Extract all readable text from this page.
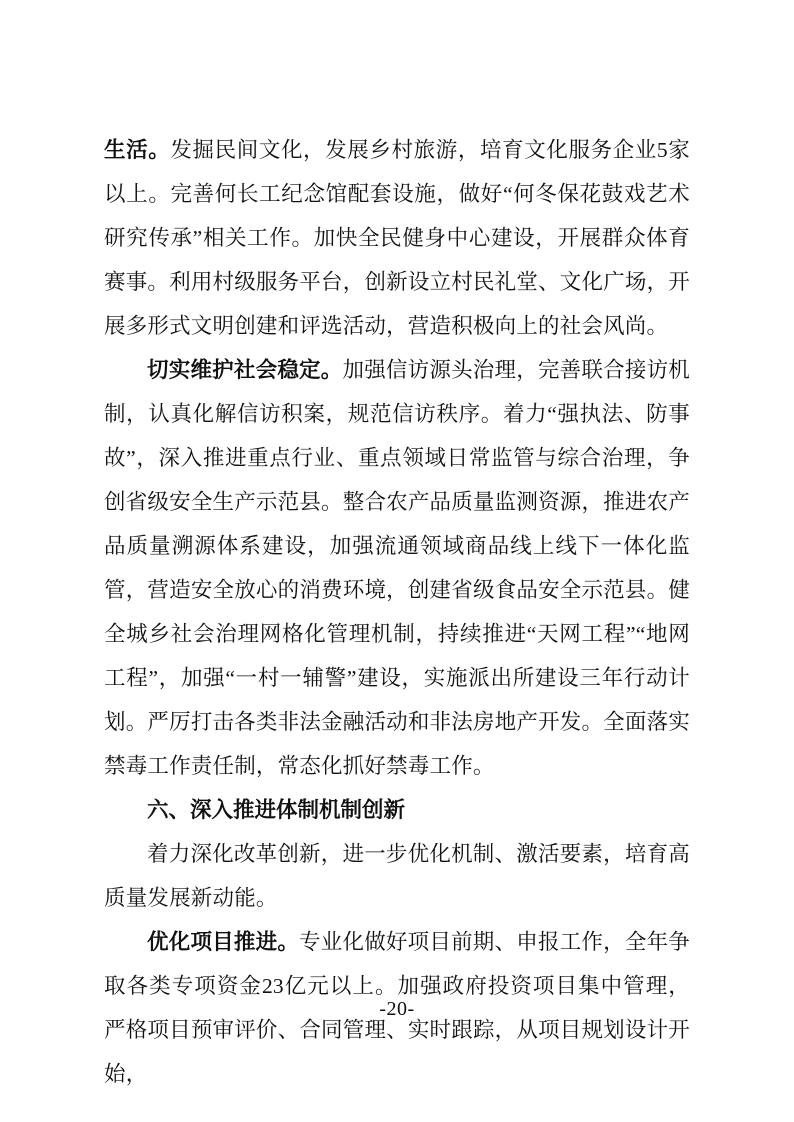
生活。发掘民间文化，发展乡村旅游，培育文化服务企业5家以上。完善何长工纪念馆配套设施，做好“何冬保花鼓戏艺术研究传承”相关工作。加快全民健身中心建设，开展群众体育赛事。利用村级服务平台，创新设立村民礼堂、文化广场，开展多形式文明创建和评选活动，营造积极向上的社会风尚。

切实维护社会稳定。加强信访源头治理，完善联合接访机制，认真化解信访积案，规范信访秩序。着力“强执法、防事故”，深入推进重点行业、重点领域日常监管与综合治理，争创省级安全生产示范县。整合农产品质量监测资源，推进农产品质量溯源体系建设，加强流通领域商品线上线下一体化监管，营造安全放心的消费环境，创建省级食品安全示范县。健全城乡社会治理网格化管理机制，持续推进“天网工程”“地网工程”，加强“一村一辅警”建设，实施派出所建设三年行动计划。严厉打击各类非法金融活动和非法房地产开发。全面落实禁毒工作责任制，常态化抓好禁毒工作。

六、深入推进体制机制创新

着力深化改革创新，进一步优化机制、激活要素，培育高质量发展新动能。

优化项目推进。专业化做好项目前期、申报工作，全年争取各类专项资金23亿元以上。加强政府投资项目集中管理，严格项目预审评价、合同管理、实时跟踪，从项目规划设计开始，

-20-
